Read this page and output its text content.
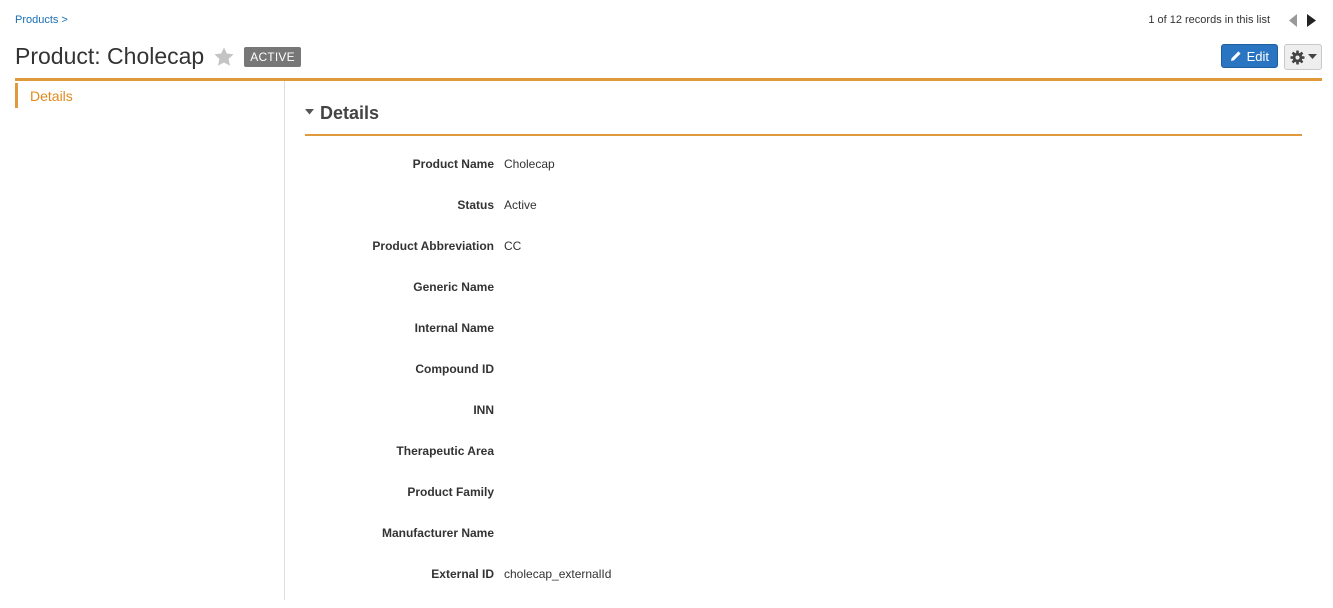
Products >	1 of 12 records in this list
Product: Cholecap	ACTIVE	Edit
Details
Details
Product Name Cholecap
Status Active
Product Abbreviation CC
Generic Name
Internal Name
Compound ID
INN
Therapeutic Area
Product Family
Manufacturer Name
External ID cholecap_externalId
